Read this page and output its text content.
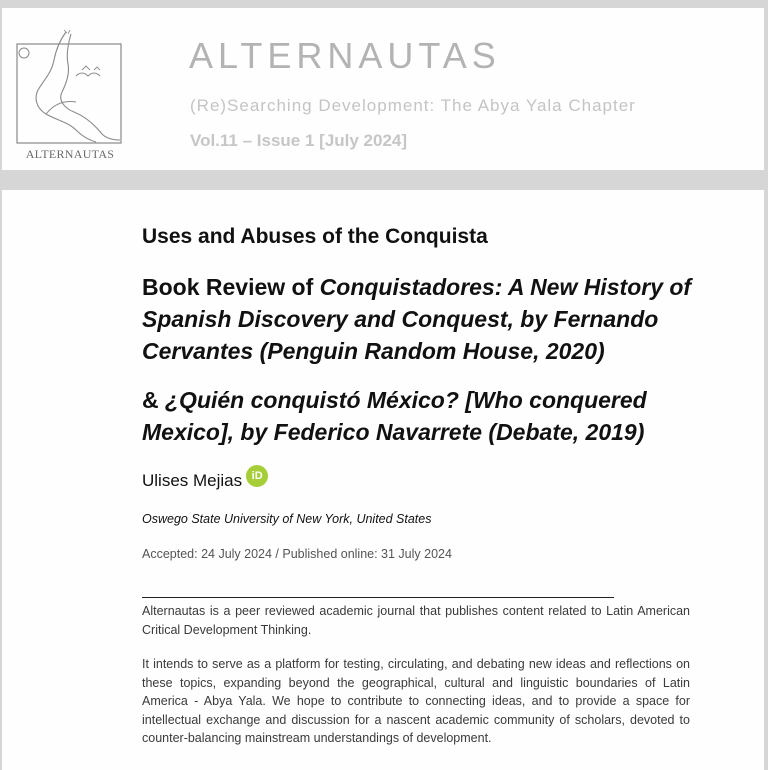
ALTERNAUTAS
ALTERNAUTAS
(Re)Searching Development: The Abya Yala Chapter
Vol.11 – Issue 1 [July 2024]
Uses and Abuses of the Conquista
Book Review of Conquistadores: A New History of Spanish Discovery and Conquest, by Fernando Cervantes (Penguin Random House, 2020)
& ¿Quién conquistó México? [Who conquered Mexico], by Federico Navarrete (Debate, 2019)
Ulises Mejias iD
Oswego State University of New York, United States
Accepted: 24 July 2024 / Published online: 31 July 2024

Alternautas is a peer reviewed academic journal that publishes content related to Latin American Critical Development Thinking.

It intends to serve as a platform for testing, circulating, and debating new ideas and reflections on these topics, expanding beyond the geographical, cultural and linguistic boundaries of Latin America - Abya Yala. We hope to contribute to connecting ideas, and to provide a space for intellectual exchange and discussion for a nascent academic community of scholars, devoted to counter-balancing mainstream understandings of development.
